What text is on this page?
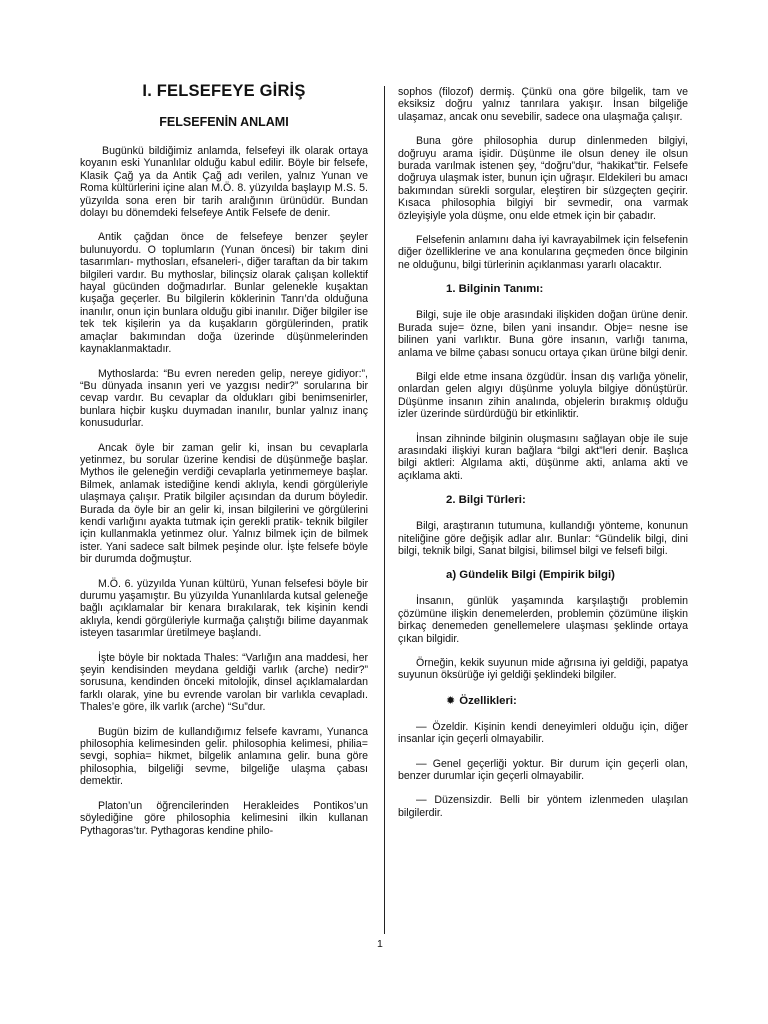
I. FELSEFEYE GİRİŞ
FELSEFENİN ANLAMI

Bugünkü bildiğimiz anlamda, felsefeyi ilk olarak ortaya koyanın eski Yunanlılar olduğu kabul edilir. Böyle bir felsefe, Klasik Çağ ya da Antik Çağ adı verilen, yalnız Yunan ve Roma kültürlerini içine alan M.Ö. 8. yüzyılda başlayıp M.S. 5. yüzyılda sona eren bir tarih aralığının ürünüdür. Bundan dolayı bu dönemdeki felsefeye Antik Felsefe de denir.

Antik çağdan önce de felsefeye benzer şeyler bulunuyordu. O toplumların (Yunan öncesi) bir takım dini tasarımları- mythosları, efsaneleri-, diğer taraftan da bir takım bilgileri vardır. Bu mythoslar, bilinçsiz olarak çalışan kollektif hayal gücünden doğmadırlar. Bunlar gelenekle kuşaktan kuşağa geçerler. Bu bilgilerin köklerinin Tanrı’da olduğuna inanılır, onun için bunlara olduğu gibi inanılır. Diğer bilgiler ise tek tek kişilerin ya da kuşakların görgülerinden, pratik amaçlar bakımından doğa üzerinde düşünmelerinden kaynaklanmaktadır.

Mythoslarda: “Bu evren nereden gelip, nereye gidiyor:”, “Bu dünyada insanın yeri ve yazgısı nedir?” sorularına bir cevap vardır. Bu cevaplar da oldukları gibi benimsenirler, bunlara hiçbir kuşku duymadan inanılır, bunlar yalnız inanç konusudurlar.

Ancak öyle bir zaman gelir ki, insan bu cevaplarla yetinmez, bu sorular üzerine kendisi de düşünmeğe başlar. Mythos ile geleneğin verdiği cevaplarla yetinmemeye başlar. Bilmek, anlamak istediğine kendi aklıyla, kendi görgüleriyle ulaşmaya çalışır. Pratik bilgiler açısından da durum böyledir. Burada da öyle bir an gelir ki, insan bilgilerini ve görgülerini kendi varlığını ayakta tutmak için gerekli pratik- teknik bilgiler için kullanmakla yetinmez olur. Yalnız bilmek için de bilmek ister. Yani sadece salt bilmek peşinde olur. İşte felsefe böyle bir durumda doğmuştur.

M.Ö. 6. yüzyılda Yunan kültürü, Yunan felsefesi böyle bir durumu yaşamıştır. Bu yüzyılda Yunanlılarda kutsal geleneğe bağlı açıklamalar bir kenara bırakılarak, tek kişinin kendi aklıyla, kendi görgüleriyle kurmağa çalıştığı bilime dayanmak isteyen tasarımlar üretilmeye başlandı.

İşte böyle bir noktada Thales: “Varlığın ana maddesi, her şeyin kendisinden meydana geldiği varlık (arche) nedir?” sorusuna, kendinden önceki mitolojik, dinsel açıklamalardan farklı olarak, yine bu evrende varolan bir varlıkla cevapladı. Thales’e göre, ilk varlık (arche) “Su”dur.

Bugün bizim de kullandığımız felsefe kavramı, Yunanca philosophia kelimesinden gelir. philosophia kelimesi, philia= sevgi, sophia= hikmet, bilgelik anlamına gelir. buna göre philosophia, bilgeliği sevme, bilgeliğe ulaşma çabası demektir.

Platon’un öğrencilerinden Herakleides Pontikos’un söylediğine göre philosophia kelimesini ilkin kullanan Pythagoras’tır. Pythagoras kendine philo-

sophos (filozof) dermiş. Çünkü ona göre bilgelik, tam ve eksiksiz doğru yalnız tanrılara yakışır. İnsan bilgeliğe ulaşamaz, ancak onu sevebilir, sadece ona ulaşmağa çalışır.

Buna göre philosophia durup dinlenmeden bilgiyi, doğruyu arama işidir. Düşünme ile olsun deney ile olsun burada varılmak istenen şey, “doğru”dur, “hakikat”tir. Felsefe doğruya ulaşmak ister, bunun için uğraşır. Eldekileri bu amacı bakımından sürekli sorgular, eleştiren bir süzgeçten geçirir. Kısaca philosophia bilgiyi bir sevmedir, ona varmak özleyişiyle yola düşme, onu elde etmek için bir çabadır.

Felsefenin anlamını daha iyi kavrayabilmek için felsefenin diğer özelliklerine ve ana konularına geçmeden önce bilginin ne olduğunu, bilgi türlerinin açıklanması yararlı olacaktır.

1. Bilginin Tanımı:

Bilgi, suje ile obje arasındaki ilişkiden doğan ürüne denir. Burada suje= özne, bilen yani insandır. Obje= nesne ise bilinen yani varlıktır. Buna göre insanın, varlığı tanıma, anlama ve bilme çabası sonucu ortaya çıkan ürüne bilgi denir.

Bilgi elde etme insana özgüdür. İnsan dış varlığa yönelir, onlardan gelen algıyı düşünme yoluyla bilgiye dönüştürür. Düşünme insanın zihin analında, objelerin bırakmış olduğu izler üzerinde sürdürdüğü bir etkinliktir.

İnsan zihninde bilginin oluşmasını sağlayan obje ile suje arasındaki ilişkiyi kuran bağlara “bilgi akt”leri denir. Başlıca bilgi aktleri: Algılama akti, düşünme akti, anlama akti ve açıklama akti.

2. Bilgi Türleri:

Bilgi, araştıranın tutumuna, kullandığı yönteme, konunun niteliğine göre değişik adlar alır. Bunlar: “Gündelik bilgi, dini bilgi, teknik bilgi, Sanat bilgisi, bilimsel bilgi ve felsefi bilgi.

a) Gündelik Bilgi (Empirik bilgi)

İnsanın, günlük yaşamında karşılaştığı problemin çözümüne ilişkin denemelerden, problemin çözümüne ilişkin birkaç denemeden genellemelere ulaşması şeklinde ortaya çıkan bilgidir.

Örneğin, kekik suyunun mide ağrısına iyi geldiği, papatya suyunun öksürüğe iyi geldiği şeklindeki bilgiler.

✹ Özellikleri:

— Özeldir. Kişinin kendi deneyimleri olduğu için, diğer insanlar için geçerli olmayabilir.

— Genel geçerliği yoktur. Bir durum için geçerli olan, benzer durumlar için geçerli olmayabilir.

— Düzensizdir. Belli bir yöntem izlenmeden ulaşılan bilgilerdir.

1
